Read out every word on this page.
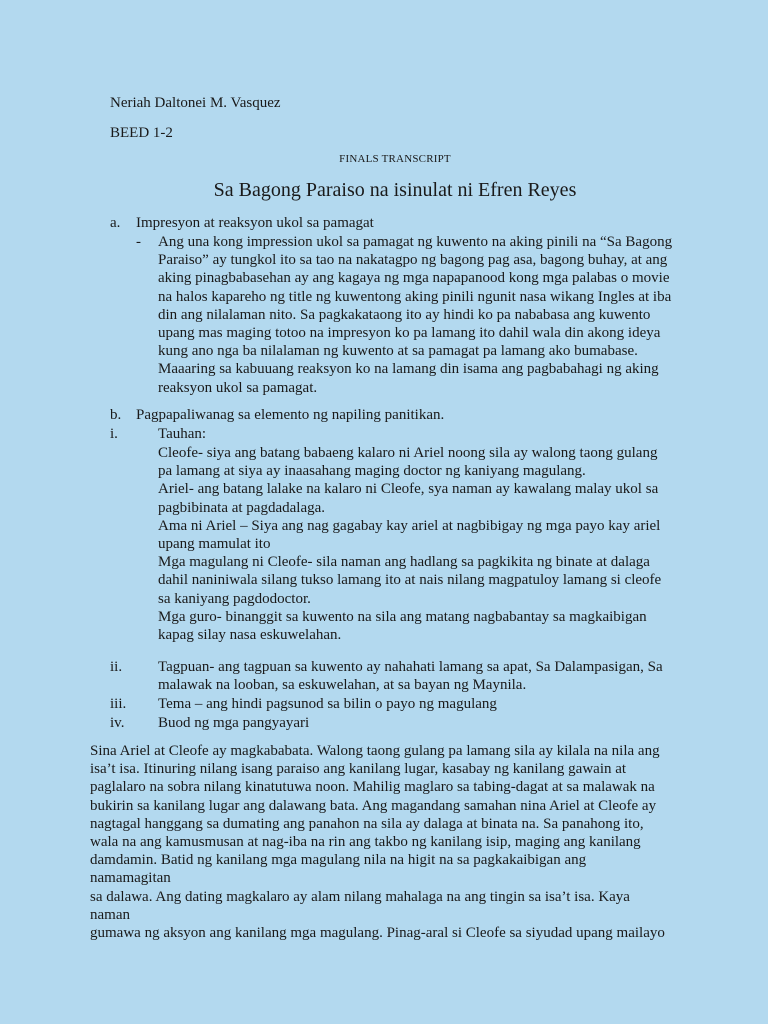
Neriah Daltonei M. Vasquez
BEED 1-2
FINALS TRANSCRIPT
Sa Bagong Paraiso na isinulat ni Efren Reyes
a. Impresyon at reaksyon ukol sa pamagat
- Ang una kong impression ukol sa pamagat ng kuwento na aking pinili na “Sa Bagong
Paraiso” ay tungkol ito sa tao na nakatagpo ng bagong pag asa, bagong buhay, at ang
aking pinagbabasehan ay ang kagaya ng mga napapanood kong mga palabas o movie
na halos kapareho ng title ng kuwentong aking pinili ngunit nasa wikang Ingles at iba
din ang nilalaman nito. Sa pagkakataong ito ay hindi ko pa nababasa ang kuwento
upang mas maging totoo na impresyon ko pa lamang ito dahil wala din akong ideya
kung ano nga ba nilalaman ng kuwento at sa pamagat pa lamang ako bumabase.
Maaaring sa kabuuang reaksyon ko na lamang din isama ang pagbabahagi ng aking
reaksyon ukol sa pamagat.
b. Pagpapaliwanag sa elemento ng napiling panitikan.
i.	Tauhan:
Cleofe- siya ang batang babaeng kalaro ni Ariel noong sila ay walong taong gulang
pa lamang at siya ay inaasahang maging doctor ng kaniyang magulang.
Ariel- ang batang lalake na kalaro ni Cleofe, sya naman ay kawalang malay ukol sa
pagbibinata at pagdadalaga.
Ama ni Ariel – Siya ang nag gagabay kay ariel at nagbibigay ng mga payo kay ariel
upang mamulat ito
Mga magulang ni Cleofe- sila naman ang hadlang sa pagkikita ng binate at dalaga
dahil naniniwala silang tukso lamang ito at nais nilang magpatuloy lamang si cleofe
sa kaniyang pagdodoctor.
Mga guro- binanggit sa kuwento na sila ang matang nagbabantay sa magkaibigan
kapag silay nasa eskuwelahan.
ii. Tagpuan- ang tagpuan sa kuwento ay nahahati lamang sa apat, Sa Dalampasigan, Sa
malawak na looban, sa eskuwelahan, at sa bayan ng Maynila.
iii. Tema – ang hindi pagsunod sa bilin o payo ng magulang
iv. Buod ng mga pangyayari
Sina Ariel at Cleofe ay magkababata. Walong taong gulang pa lamang sila ay kilala na nila ang
isa’t isa. Itinuring nilang isang paraiso ang kanilang lugar, kasabay ng kanilang gawain at
paglalaro na sobra nilang kinatutuwa noon. Mahilig maglaro sa tabing-dagat at sa malawak na
bukirin sa kanilang lugar ang dalawang bata. Ang magandang samahan nina Ariel at Cleofe ay
nagtagal hanggang sa dumating ang panahon na sila ay dalaga at binata na. Sa panahong ito,
wala na ang kamusmusan at nag-iba na rin ang takbo ng kanilang isip, maging ang kanilang
damdamin. Batid ng kanilang mga magulang nila na higit na sa pagkakaibigan ang namamagitan
sa dalawa. Ang dating magkalaro ay alam nilang mahalaga na ang tingin sa isa’t isa. Kaya naman
gumawa ng aksyon ang kanilang mga magulang. Pinag-aral si Cleofe sa siyudad upang mailayo
